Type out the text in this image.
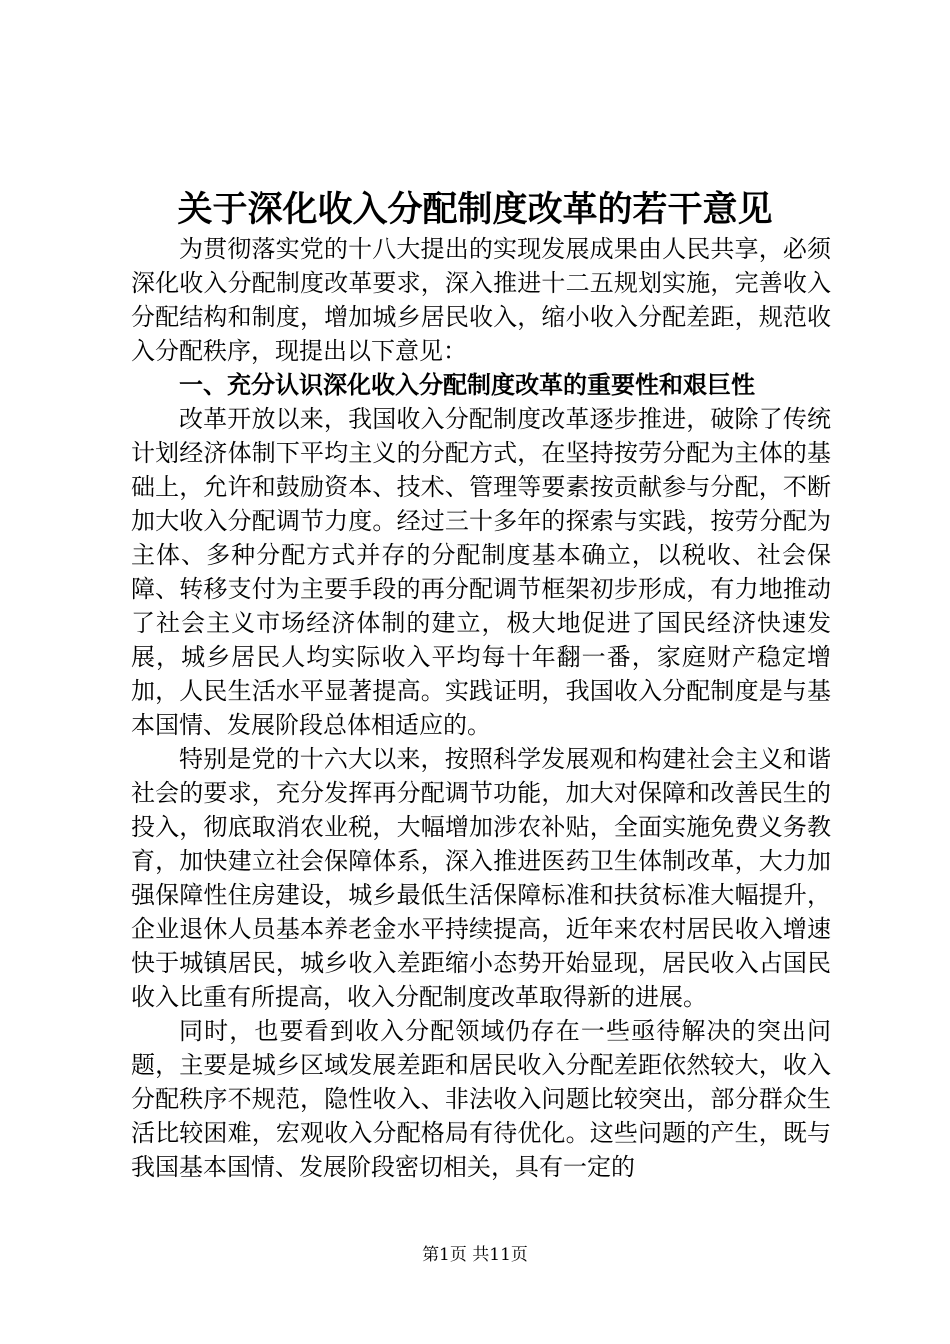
关于深化收入分配制度改革的若干意见

为贯彻落实党的十八大提出的实现发展成果由人民共享，必须深化收入分配制度改革要求，深入推进十二五规划实施，完善收入分配结构和制度，增加城乡居民收入，缩小收入分配差距，规范收入分配秩序，现提出以下意见：

一、充分认识深化收入分配制度改革的重要性和艰巨性

改革开放以来，我国收入分配制度改革逐步推进，破除了传统计划经济体制下平均主义的分配方式，在坚持按劳分配为主体的基础上，允许和鼓励资本、技术、管理等要素按贡献参与分配，不断加大收入分配调节力度。经过三十多年的探索与实践，按劳分配为主体、多种分配方式并存的分配制度基本确立，以税收、社会保障、转移支付为主要手段的再分配调节框架初步形成，有力地推动了社会主义市场经济体制的建立，极大地促进了国民经济快速发展，城乡居民人均实际收入平均每十年翻一番，家庭财产稳定增加，人民生活水平显著提高。实践证明，我国收入分配制度是与基本国情、发展阶段总体相适应的。

特别是党的十六大以来，按照科学发展观和构建社会主义和谐社会的要求，充分发挥再分配调节功能，加大对保障和改善民生的投入，彻底取消农业税，大幅增加涉农补贴，全面实施免费义务教育，加快建立社会保障体系，深入推进医药卫生体制改革，大力加强保障性住房建设，城乡最低生活保障标准和扶贫标准大幅提升，企业退休人员基本养老金水平持续提高，近年来农村居民收入增速快于城镇居民，城乡收入差距缩小态势开始显现，居民收入占国民收入比重有所提高，收入分配制度改革取得新的进展。

同时，也要看到收入分配领域仍存在一些亟待解决的突出问题，主要是城乡区域发展差距和居民收入分配差距依然较大，收入分配秩序不规范，隐性收入、非法收入问题比较突出，部分群众生活比较困难，宏观收入分配格局有待优化。这些问题的产生，既与我国基本国情、发展阶段密切相关，具有一定的

第1页 共11页
